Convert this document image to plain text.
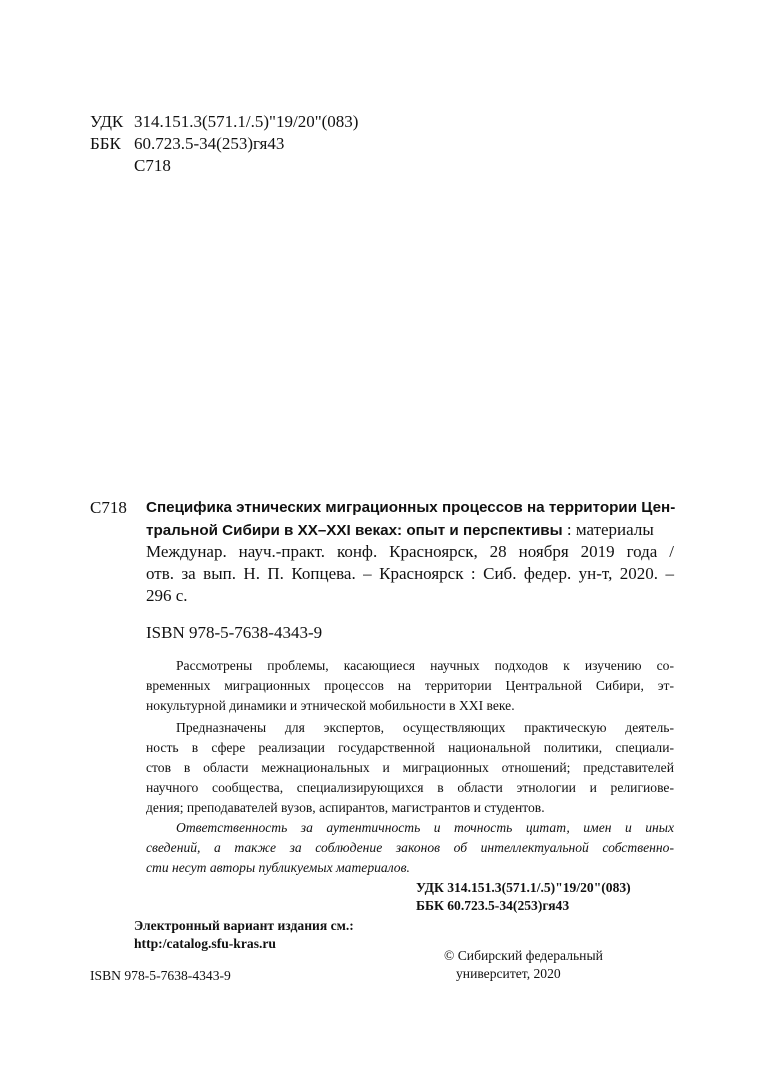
УДК 314.151.3(571.1/.5)"19/20"(083)
ББК 60.723.5-34(253)гя43
С718
С718 Специфика этнических миграционных процессов на территории Цен-
тральной Сибири в XX–XXI веках: опыт и перспективы : материалы
Междунар. науч.-практ. конф. Красноярск, 28 ноября 2019 года /
отв. за вып. Н. П. Копцева. – Красноярск : Сиб. федер. ун-т, 2020. –
296 с.
ISBN 978-5-7638-4343-9
Рассмотрены проблемы, касающиеся научных подходов к изучению со-
временных миграционных процессов на территории Центральной Сибири, эт-
нокультурной динамики и этнической мобильности в XXI веке.
Предназначены для экспертов, осуществляющих практическую деятель-
ность в сфере реализации государственной национальной политики, специали-
стов в области межнациональных и миграционных отношений; представителей
научного сообщества, специализирующихся в области этнологии и религиове-
дения; преподавателей вузов, аспирантов, магистрантов и студентов.
Ответственность за аутентичность и точность цитат, имен и иных
сведений, а также за соблюдение законов об интеллектуальной собственно-
сти несут авторы публикуемых материалов.
УДК 314.151.3(571.1/.5)"19/20"(083)
ББК 60.723.5-34(253)гя43
Электронный вариант издания см.:
http:/catalog.sfu-kras.ru
© Сибирский федеральный
университет, 2020
ISBN 978-5-7638-4343-9
